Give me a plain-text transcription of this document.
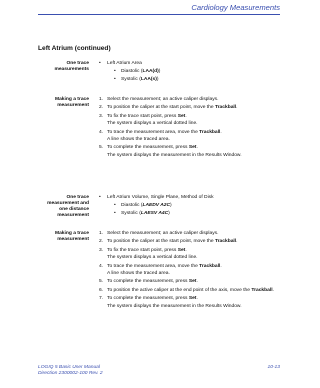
Cardiology Measurements
Left Atrium (continued)
One trace
measurements
•	Left Atrium Area
• Diastolic (LAA(d))
• Systolic (LAA(s))
Making a trace
measurement
1. Select the measurement; an active caliper displays.
2. To position the caliper at the start point, move the Trackball.
3. To fix the trace start point, press Set.
The system displays a vertical dotted line.
4. To trace the measurement area, move the Trackball.
A line shows the traced area.
5. To complete the measurement, press Set.
The system displays the measurement in the Results Window.
One trace
measurement and
one distance
measurement
•	Left Atrium Volume, Single Plane, Method of Disk
• Diastolic (LAEDV A2C)
• Systolic (LAESV A4C)
Making a trace
measurement
1. Select the measurement; an active caliper displays.
2. To position the caliper at the start point, move the Trackball.
3. To fix the trace start point, press Set.
The system displays a vertical dotted line.
4. To trace the measurement area, move the Trackball.
A line shows the traced area.
5. To complete the measurement, press Set.
6. To position the active caliper at the end point of the axis, move the Trackball.
7. To complete the measurement, press Set.
The system displays the measurement in the Results Window.
LOGIQ 5 Basic User Manual
Direction 2300002-100 Rev. 2
10-13
